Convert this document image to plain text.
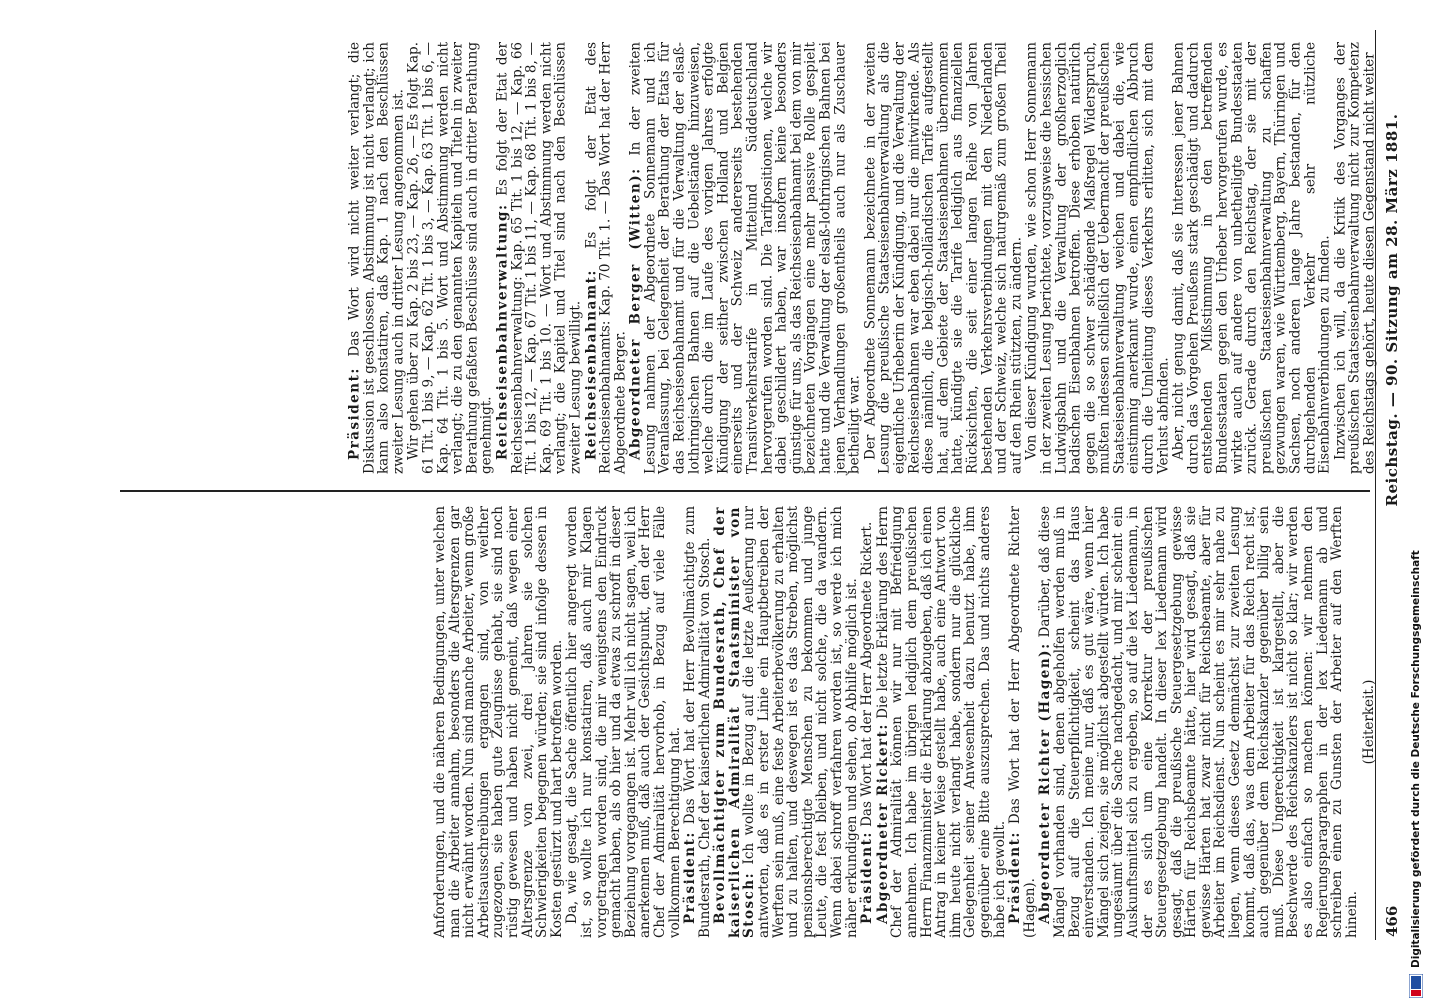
466
Reichstag. — 90. Sitzung am 28. März 1881.

Anforderungen, und die näheren Bedingungen, unter welchen man die Arbeiter annahm, besonders die Altersgrenzen gar nicht erwähnt worden. Nun sind manche Arbeiter, wenn große Arbeitsausschreibungen ergangen sind, von weither zugezogen, sie haben gute Zeugnisse gehabt, sie sind noch rüstig gewesen und haben nicht gemeint, daß wegen einer Altersgrenze von zwei, drei Jahren sie solchen Schwierigkeiten begegnen würden; sie sind infolge dessen in Kosten gestürzt und hart betroffen worden. Da, wie gesagt, die Sache öffentlich hier angeregt worden ist, so wollte ich nur konstatiren, daß auch mir Klagen vorgetragen worden sind, die mir wenigstens den Eindruck gemacht haben, als ob hier und da etwas zu schroff in dieser Beziehung vorgegangen ist. Mehr will ich nicht sagen, weil ich anerkennen muß, daß auch der Gesichtspunkt, den der Herr Chef der Admiralität hervorhob, in Bezug auf viele Fälle vollkommen Berechtigung hat. Präsident: Das Wort hat der Herr Bevollmächtigte zum Bundesrath, Chef der kaiserlichen Admiralität von Stosch. Bevollmächtigter zum Bundesrath, Chef der kaiserlichen Admiralität Staatsminister von Stosch: Ich wollte in Bezug auf die letzte Aeußerung nur antworten, daß es in erster Linie ein Hauptbetreiben der Werften sein muß, eine feste Arbeiterbevölkerung zu erhalten und zu halten, und deswegen ist es das Streben, möglichst pensionsberechtigte Menschen zu bekommen und junge Leute, die fest bleiben, und nicht solche, die da wandern. Wenn dabei schroff verfahren worden ist, so werde ich mich näher erkundigen und sehen, ob Abhilfe möglich ist. Präsident: Das Wort hat der Herr Abgeordnete Rickert. Abgeordneter Rickert: Die letzte Erklärung des Herrn Chef der Admiralität können wir nur mit Befriedigung annehmen. Ich habe im übrigen lediglich dem preußischen Herrn Finanzminister die Erklärung abzugeben, daß ich einen Antrag in keiner Weise gestellt habe, auch eine Antwort von ihm heute nicht verlangt habe, sondern nur die glückliche Gelegenheit seiner Anwesenheit dazu benutzt habe, ihm gegenüber eine Bitte auszusprechen. Das und nichts anderes habe ich gewollt. Präsident: Das Wort hat der Herr Abgeordnete Richter (Hagen). Abgeordneter Richter (Hagen): Darüber, daß diese Mängel vorhanden sind, denen abgeholfen werden muß in Bezug auf die Steuerpflichtigkeit, scheint das Haus einverstanden. Ich meine nur, daß es gut wäre, wenn hier Mängel sich zeigen, sie möglichst abgestellt würden. Ich habe ungesäumt über die Sache nachgedacht, und mir scheint ein Auskunftsmittel sich zu ergeben, so auf die lex Liedemann, in der es sich um eine Korrektur der preußischen Steuergesetzgebung handelt. In dieser lex Liedemann wird gesagt, daß die preußische Steuergesetzgebung gewisse Härten für Reichsbeamte hätte, hier wird gesagt, daß sie gewisse Härten hat zwar nicht für Reichsbeamte, aber für Arbeiter im Reichsdienst. Nun scheint es mir sehr nahe zu liegen, wenn dieses Gesetz demnächst zur zweiten Lesung kommt, daß das, was dem Arbeiter für das Reich recht ist, auch gegenüber dem Reichskanzler gegenüber billig sein muß. Diese Ungerechtigkeit ist klargestellt, aber die Beschwerde des Reichskanzlers ist nicht so klar; wir werden es also einfach so machen können: wir nehmen den Regierungsparagraphen in der lex Liedemann ab und schreiben einen zu Gunsten der Arbeiter auf den Werften hinein.

(Heiterkeit.)

Präsident: Das Wort wird nicht weiter verlangt; die Diskussion ist geschlossen. Abstimmung ist nicht verlangt; ich kann also konstatiren, daß Kap. 1 nach den Beschlüssen zweiter Lesung auch in dritter Lesung angenommen ist. Wir gehen über zu Kap. 2 bis 23, — Kap. 26, — Es folgt Kap. 61 Tit. 1 bis 9, — Kap. 62 Tit. 1 bis 3, — Kap. 63 Tit. 1 bis 6, — Kap. 64 Tit. 1 bis 5. Wort und Abstimmung werden nicht verlangt; die zu den genannten Kapiteln und Titeln in zweiter Berathung gefaßten Beschlüsse sind auch in dritter Berathung genehmigt. Reichseisenbahnverwaltung: Es folgt der Etat der Reichseisenbahnverwaltung: Kap. 65 Tit. 1 bis 12, — Kap. 66 Tit. 1 bis 12, — Kap. 67 Tit. 1 bis 11, — Kap. 68 Tit. 1 bis 8, — Kap. 69 Tit. 1 bis 10. — Wort und Abstimmung werden nicht verlangt; die Kapitel und Titel sind nach den Beschlüssen zweiter Lesung bewilligt. Reichseisenbahnamt: Es folgt der Etat des Reichseisenbahnamts: Kap. 70 Tit. 1. — Das Wort hat der Herr Abgeordnete Berger. Abgeordneter Berger (Witten): In der zweiten Lesung nahmen der Abgeordnete Sonnemann und ich Veranlassung, bei Gelegenheit der Berathung der Etats für das Reichseisenbahnamt und für die Verwaltung der elsaß-lothringischen Bahnen auf die Uebelstände hinzuweisen, welche durch die im Laufe des vorigen Jahres erfolgte Kündigung der seither zwischen Holland und Belgien einerseits und der Schweiz andererseits bestehenden Transitverkehrstarife in Mittelund Süddeutschland hervorgerufen worden sind. Die Tarifpositionen, welche wir dabei geschildert haben, war insofern keine besonders günstige für uns, als das Reichseisenbahnamt bei dem von mir bezeichneten Vorgängen eine mehr passive Rolle gespielt hatte und die Verwaltung der elsaß-lothringischen Bahnen bei jenen Verhandlungen großentheils auch nur als Zuschauer betheiligt war. Der Abgeordnete Sonnemann bezeichnete in der zweiten Lesung die preußische Staatseisenbahnverwaltung als die eigentliche Urheberin der Kündigung, und die Verwaltung der Reichseisenbahnen war eben dabei nur die mitwirkende. Als diese nämlich, die belgisch-holländischen Tarife aufgestellt hat, auf dem Gebiete der Staatseisenbahnen übernommen hatte, kündigte sie die Tarife lediglich aus finanziellen Rücksichten, die seit einer langen Reihe von Jahren bestehenden Verkehrsverbindungen mit den Niederlanden und der Schweiz, welche sich naturgemäß zum großen Theil auf den Rhein stützten, zu ändern. Von dieser Kündigung wurden, wie schon Herr Sonnemann in der zweiten Lesung berichtete, vorzugsweise die hessischen Ludwigsbahn und die Verwaltung der großherzoglich badischen Eisenbahnen betroffen. Diese erhoben natürlich gegen die so schwer schädigende Maßregel Widerspruch, mußten indessen schließlich der Uebermacht der preußischen Staatseisenbahnverwaltung weichen und dabei die, wie einstimmig anerkannt wurde, einen empfindlichen Abbruch durch die Umleitung dieses Verkehrs erlitten, sich mit dem Verlust abfinden. Aber, nicht genug damit, daß sie Interessen jener Bahnen durch das Vorgehen Preußens stark geschädigt und dadurch entstehenden Mißstimmung in den betreffenden Bundesstaaten gegen den Urheber hervorgerufen wurde, es wirkte auch auf andere von unbetheiligte Bundesstaaten zurück. Gerade durch den Reichstag, der sie mit der preußischen Staatseisenbahnverwaltung zu schaffen gezwungen waren, wie Württemberg, Bayern, Thüringen und Sachsen, noch anderen lange Jahre bestanden, für den durchgehenden Verkehr sehr nützliche Eisenbahnverbindungen zu finden. Inzwischen ich will, da die Kritik des Vorganges der preußischen Staatseisenbahnverwaltung nicht zur Kompetenz des Reichstags gehört, heute diesen Gegenstand nicht weiter

Digitalisierung gefördert durch die Deutsche Forschungsgemeinschaft
